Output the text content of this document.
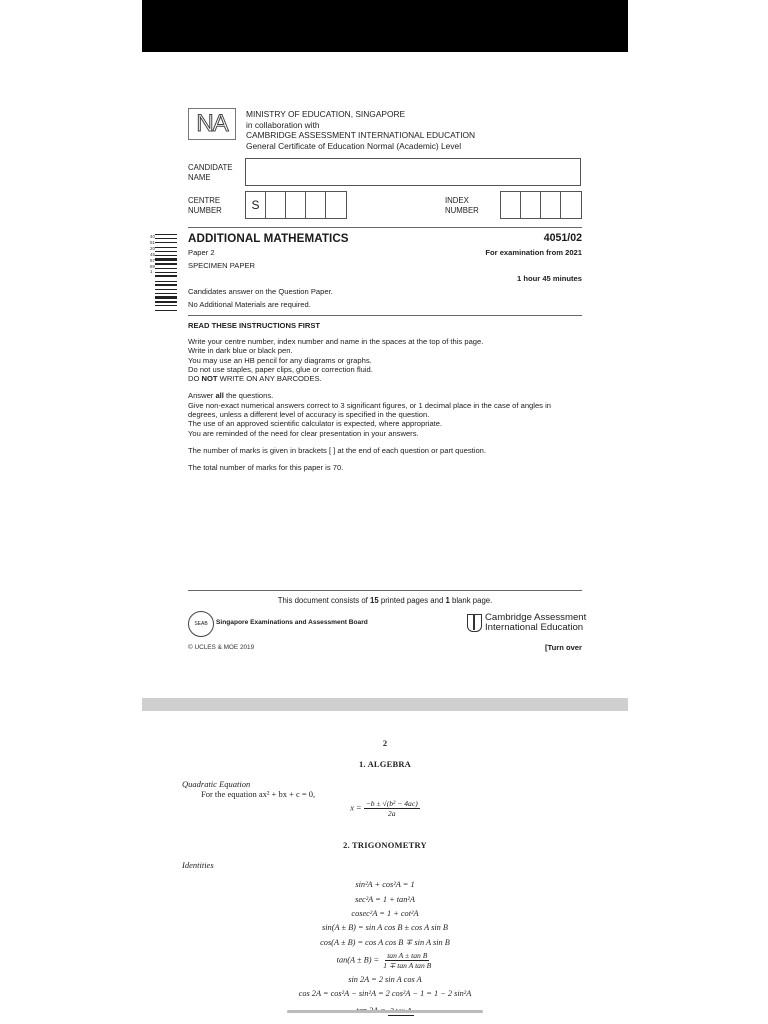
NA	MINISTRY OF EDUCATION, SINGAPORE
in collaboration with
CAMBRIDGE ASSESSMENT INTERNATIONAL EDUCATION
General Certificate of Education Normal (Academic) Level
CANDIDATE
NAME
CENTRE
NUMBER	S	INDEX
NUMBER
4051204567891
ADDITIONAL MATHEMATICS	4051/02
Paper 2	For examination from 2021
SPECIMEN PAPER
1 hour 45 minutes
Candidates answer on the Question Paper.
No Additional Materials are required.
READ THESE INSTRUCTIONS FIRST
Write your centre number, index number and name in the spaces at the top of this page.
Write in dark blue or black pen.
You may use an HB pencil for any diagrams or graphs.
Do not use staples, paper clips, glue or correction fluid.
DO NOT WRITE ON ANY BARCODES.
Answer all the questions.
Give non-exact numerical answers correct to 3 significant figures, or 1 decimal place in the case of angles in
degrees, unless a different level of accuracy is specified in the question.
The use of an approved scientific calculator is expected, where appropriate.
You are reminded of the need for clear presentation in your answers.
The number of marks is given in brackets [ ] at the end of each question or part question.
The total number of marks for this paper is 70.
This document consists of 15 printed pages and 1 blank page.
SEAB	Singapore Examinations and Assessment Board	Cambridge Assessment
International Education
© UCLES & MOE 2019	[Turn over
2
1. ALGEBRA
Quadratic Equation
For the equation ax² + bx + c = 0,
$x = \frac{\text{−b ± √(b² − 4ac)}}{2a}$
2. TRIGONOMETRY
Identities
sin²A + cos²A = 1
sec²A = 1 + tan²A
cosec²A = 1 + cot²A
sin(A ± B) = sin A cos B ± cos A sin B
cos(A ± B) = cos A cos B ∓ sin A sin B
$\tan(A \pm B) = \frac{\text{tan A ± tan B}}{\text{1 ∓ tan A tan B}}$
sin 2A = 2 sin A cos A
cos 2A = cos²A − sin²A = 2 cos²A − 1 = 1 − 2 sin²A
